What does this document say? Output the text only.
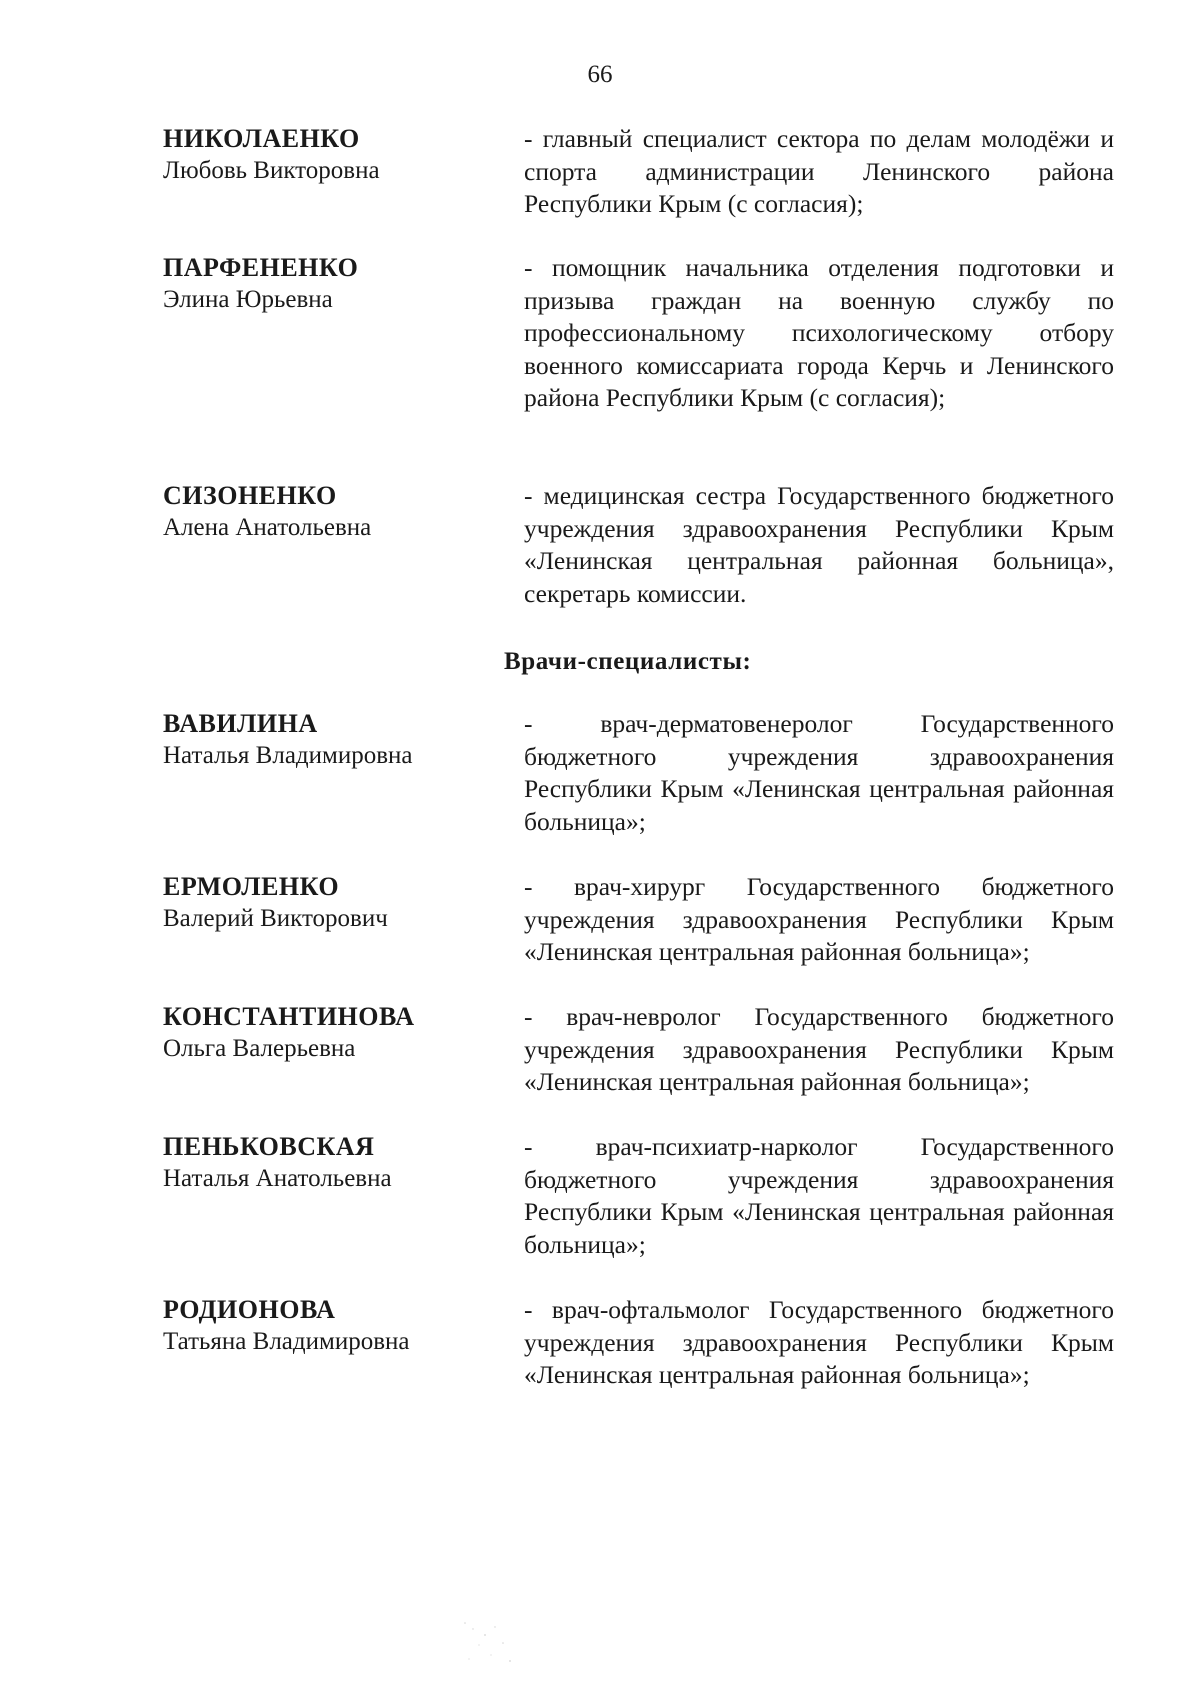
66
НИКОЛАЕНКО
Любовь Викторовна
- главный специалист сектора по делам молодёжи и спорта администрации Ленинского района Республики Крым (с согласия);
ПАРФЕНЕНКО
Элина Юрьевна
- помощник начальника отделения подготовки и призыва граждан на военную службу по профессиональному психологическому отбору военного комиссариата города Керчь и Ленинского района Республики Крым (с согласия);
СИЗОНЕНКО
Алена Анатольевна
- медицинская сестра Государственного бюджетного учреждения здравоохранения Республики Крым «Ленинская центральная районная больница», секретарь комиссии.
Врачи-специалисты:
ВАВИЛИНА
Наталья Владимировна
- врач-дерматовенеролог Государственного бюджетного учреждения здравоохранения Республики Крым «Ленинская центральная районная больница»;
ЕРМОЛЕНКО
Валерий Викторович
- врач-хирург Государственного бюджетного учреждения здравоохранения Республики Крым «Ленинская центральная районная больница»;
КОНСТАНТИНОВА
Ольга Валерьевна
- врач-невролог Государственного бюджетного учреждения здравоохранения Республики Крым «Ленинская центральная районная больница»;
ПЕНЬКОВСКАЯ
Наталья Анатольевна
- врач-психиатр-нарколог Государственного бюджетного учреждения здравоохранения Республики Крым «Ленинская центральная районная больница»;
РОДИОНОВА
Татьяна Владимировна
- врач-офтальмолог Государственного бюджетного учреждения здравоохранения Республики Крым «Ленинская центральная районная больница»;
